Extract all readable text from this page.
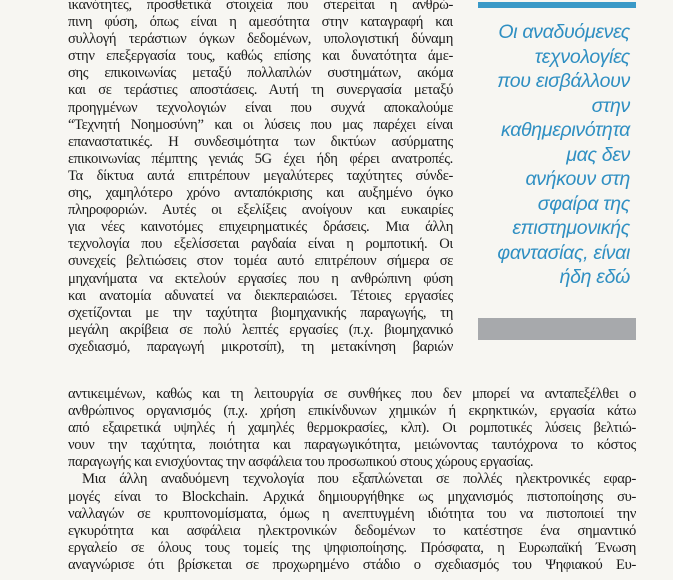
ικανότητες, προσθετικά στοιχεία που στερείται η ανθρώ-
πινη φύση, όπως είναι η αμεσότητα στην καταγραφή και
συλλογή τεράστιων όγκων δεδομένων, υπολογιστική δύναμη
στην επεξεργασία τους, καθώς επίσης και δυνατότητα άμε-
σης επικοινωνίας μεταξύ πολλαπλών συστημάτων, ακόμα
και σε τεράστιες αποστάσεις. Αυτή τη συνεργασία μεταξύ
προηγμένων τεχνολογιών είναι που συχνά αποκαλούμε
“Τεχνητή Νοημοσύνη” και οι λύσεις που μας παρέχει είναι
επαναστατικές. Η συνδεσιμότητα των δικτύων ασύρματης
επικοινωνίας πέμπτης γενιάς 5G έχει ήδη φέρει ανατροπές.
Τα δίκτυα αυτά επιτρέπουν μεγαλύτερες ταχύτητες σύνδε-
σης, χαμηλότερο χρόνο ανταπόκρισης και αυξημένο όγκο
πληροφοριών. Αυτές οι εξελίξεις ανοίγουν και ευκαιρίες
για νέες καινοτόμες επιχειρηματικές δράσεις. Μια άλλη
τεχνολογία που εξελίσσεται ραγδαία είναι η ρομποτική. Οι
συνεχείς βελτιώσεις στον τομέα αυτό επιτρέπουν σήμερα σε
μηχανήματα να εκτελούν εργασίες που η ανθρώπινη φύση
και ανατομία αδυνατεί να διεκπεραιώσει. Τέτοιες εργασίες
σχετίζονται με την ταχύτητα βιομηχανικής παραγωγής, τη
μεγάλη ακρίβεια σε πολύ λεπτές εργασίες (π.χ. βιομηχανικό
σχεδιασμό, παραγωγή μικροτσίπ), τη μετακίνηση βαριών
αντικειμένων, καθώς και τη λειτουργία σε συνθήκες που δεν μπορεί να ανταπεξέλθει ο
ανθρώπινος οργανισμός (π.χ. χρήση επικίνδυνων χημικών ή εκρηκτικών, εργασία κάτω
από εξαιρετικά υψηλές ή χαμηλές θερμοκρασίες, κλπ). Οι ρομποτικές λύσεις βελτιώ-
νουν την ταχύτητα, ποιότητα και παραγωγικότητα, μειώνοντας ταυτόχρονα το κόστος
παραγωγής και ενισχύοντας την ασφάλεια του προσωπικού στους χώρους εργασίας.
Μια άλλη αναδυόμενη τεχνολογία που εξαπλώνεται σε πολλές ηλεκτρονικές εφαρ-
μογές είναι το Blockchain. Αρχικά δημιουργήθηκε ως μηχανισμός πιστοποίησης συ-
ναλλαγών σε κρυπτονομίσματα, όμως η ανεπτυγμένη ιδιότητα του να πιστοποιεί την
εγκυρότητα και ασφάλεια ηλεκτρονικών δεδομένων το κατέστησε ένα σημαντικό
εργαλείο σε όλους τους τομείς της ψηφιοποίησης. Πρόσφατα, η Ευρωπαϊκή Ένωση
αναγνώρισε ότι βρίσκεται σε προχωρημένο στάδιο ο σχεδιασμός του Ψηφιακού Ευ-
Οι αναδυόμενες
τεχνολογίες
που εισβάλλουν
στην
καθημερινότητα
μας δεν
ανήκουν στη
σφαίρα της
επιστημονικής
φαντασίας, είναι
ήδη εδώ
